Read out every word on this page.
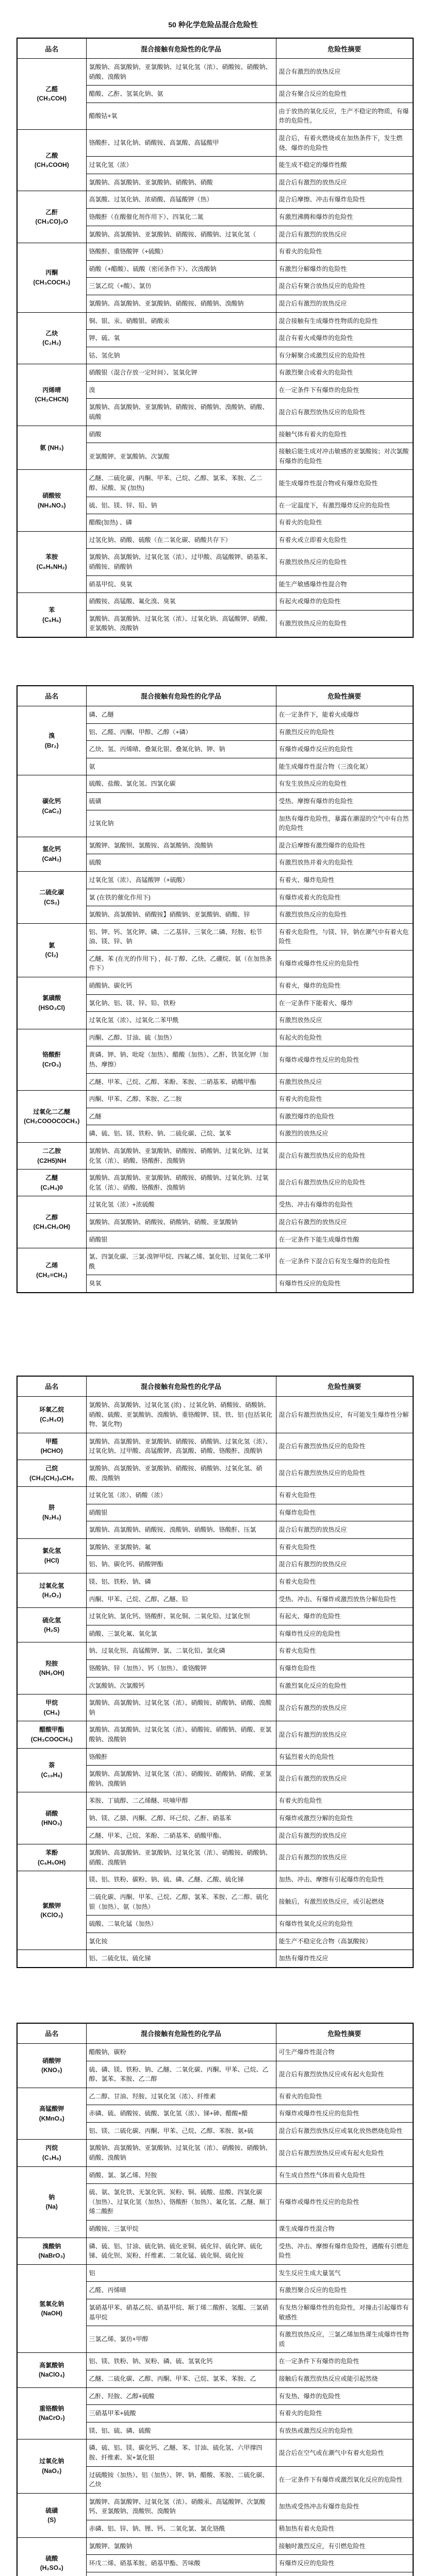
50 种化学危险品混合危险性
品名	混合接触有危险性的化学品	危险性摘要

乙醛
(CH₃COH)	氯酸钠、高氯酸钠、亚氯酸钠、过氧化氢（浓）、硝酸铵、硝酸钠、硝酸、溴酸钠	混合有激烈的放热反应
	醋酸、乙酐、氢氧化钠、氨	混合有聚合反应的危险性
	醋酸钴+氧	由于放热的氧化反应，生产不稳定的物质，有爆炸的危险性。

乙酸
(CH₃COOH)	铬酸酐、过氧化钠、硝酸铵、高氯酸、高锰酸甲	混合后，有着火燃烧或在加热条件下，发生燃烧、爆炸的危险性
	过氧化氢（浓）	能生成不稳定的爆炸性酸
	氯酸钠、高氯酸钠、亚氯酸钠、硝酸钠、硝酸	混合后有激烈的放热反应

乙酐
(CH₃CO)₂O	高氯酸、过氢化钠、浓硝酸、高锰酸钾（热）	混合后摩擦、冲击有爆炸危险性
	铬酸酐（在酸催化剂作用下）、四氧化二氮	有激烈沸腾和爆炸的危险性
	氯酸钠、高氯酸钠、亚氯酸钠、硝酸铵、硝酸钠、过氧化氢（	混合后有激烈的放热反应

丙酮
(CH₃COCH₃)	铬酸酐、重铬酸钾（+硫酸）	有着火的危险性
	硝酸（+醋酸）、硫酸（密闭条件下）、次溴酸钠	有激烈分解爆炸的危险性
	三氯乙烷（+酸）、氯仿	混合后有聚合放热反应的危险性
	氯酸钠、高氯酸钠、亚氯酸钠、硝酸铵、硝酸钠、溴酸钠	混合后有激烈的放热反应

乙炔
(C₂H₂)	铜、银、汞、硝酸银、硝酸汞	混合接触有生成爆炸性物质的危险性
	钾、硫、氧	混合有着火或爆炸的危险性
	钴、氢化钠	有分解聚合或激烈反应的危险性

丙烯晴
(CH₂CHCN)	硝酸银（混合存放一定时间）、氢氧化钾	有激烈聚合或着火的危险性
	溴	在一定条件下有爆炸的危险性
	氯酸钠、高氯酸钠、亚氯酸钠、硝酸铵、硝酸钠、溴酸钠、硝酸、硫酸	混合后有激烈放热反应的危险性

氨 (NH₃)	硝酸	接触气体有着火的危险性
	亚氯酸钾、亚氯酸钠、次氯酸	接触后能生成对冲击敏感的亚氯酸铵；对次氯酸有爆炸的危险性

硝酸铵
(NH₄NO₃)	乙醚、二硫化碳、丙酮、甲苯、己烷、乙醇、氯苯、苯胺、乙二醇、尿酸、炭 (加热)	能生成爆炸性混合物或有爆炸危险性
	硫、铝、镁、锌、铅、钠	在一定温度下，有激烈爆炸反应的危险性
	醋酸(加热) 、磷	有着火的危险性

苯胺
(C₆H₅NH₂)	过氢化钠、硝酸、硫酸（在二氧化碳、硝酸共存下）	有着火或立即着火危险性
	氯酸钠、高氯酸钠、过氧化氢（浓）、过甲酸、高锰酸钾、硝基苯、硝酸铵、硝酸钠	有激烈放热反应的危险性
	硝基甲烷、臭氧	能生产敏感爆炸性混合物

苯
(C₆H₆)	硝酸铵、高锰酸、氟化溴、臭氧	有起火或爆炸的危险性
	氯酸钠、高氯酸钠、过氧化氢（浓）、过氧化钠、高锰酸钾、硝酸、亚氯酸钠、溴酸钠	有激烈放热反应的危险性
品名	混合接触有危险性的化学品	危险性摘要

溴
(Br₂)	磷、乙醚	在一定条件下，能着火或爆炸
	铝、乙醛、丙酮、甲醇、乙醇（+磷）	有激烈反应的危险性
	乙炔、氢、丙烯晴、叠氮化银、叠氮化钠、钾、钠	有爆炸或爆炸反应的危险性
	氨	能生成爆炸性混合物（三溴化氮）

碳化钙
(CaC₂)	硫酸、盐酸、氯化氢、四氯化碳	有发生放热反应的危险性
	硫磺	受热、摩擦有爆炸的危险性
	过氧化钠	加热有爆炸危险性，暴露在潮湿的空气中有自然的危险性

氢化钙
(CaH₂)	氯酸钾、氯酸钡、氯酸铵、高氯酸钠、溴酸钠	混合后摩擦有激烈爆炸的危险性
	硫酸	有激烈放热并着火的危险性

二硫化碳
(CS₂)	过氧化氢（浓）、高锰酸钾（+硫酸）	有着火、爆炸危险性
	氯 (在铁的催化作用下)	有爆炸或着火的危险性
	氯酸钠、高氯酸钠、硝酸铵】硝酸钠、亚氯酸钠、硝酸、锌	有激烈放热反应的危险性

氯
(Cl₂)	铝、钾、钙、氢化钾、磷、二乙基锌、三氧化二磷、羟胺、松节油、镁、锌、钠	有着火危险性，与镁、锌，钠在潮气中有着火危险性
	乙醚、苯 (在光的作用下) ，叔-丁醇、乙炔、乙硼烷、氨（在加热条件下）	有爆炸或爆炸性反应的危险性

氯磺酸
(HSO₃Cl)	硝酸钠、碳化钙	有着火，爆炸的危险性
	氯化钠、铝、镁、锌、铅、铁粉	在一定条件下能着火、爆炸
	过氧化氢（浓）、过氧化二苯甲酰	有激烈放热反应

铬酸酐
(CrO₃)	丙酮、乙醇、甘油、硫（加热）	有起火的危险性
	黄磷、钾、钠、吡啶（加热）、醋酸（加热）、乙酐、铁氢化钾（加热、摩擦）	有爆炸或爆炸性反应的危险性
	乙醚、甲苯、己烷、乙醇、苯酚、苯胺、二硝基苯、硝酸甲酯	有激烈放热反应

过氧化二乙醚
(CH₂COOOCOCH₃)	丙酮、甲苯、乙醇、苯胺、乙二胺	有着火的危险性
	乙醚	有激烈爆炸的危险性
	磷、硫、铝、镁、铁粉、钠、二硫化碳、己烷、氯苯	有激烈的放热反应

二乙胺
(C2H5)NH	氯酸钠、高氯酸钠、亚氯酸钠、硝酸铵、硝酸钠、过氧化钠、过氧化氢（浓）、硝酸、铬酸酐、溴酸钠	混合后有激烈放热反应的危险性

乙醚
(C₂H₄)0	氯酸钠、高氯酸钠、亚氯酸钠、硝酸铵、硝酸钠、过氧化钠、过氧化氢（浓）、硝酸、铬酸酐、溴酸钠	混合后有激烈放热反应的危险性

乙醇
(CH₃CH₂OH)	过氧化氢（浓）+浓硫酸	受热、冲击有爆炸的危险性
	氯酸钠、高氯酸钠、硝酸铵、硝酸钠、硝酸、亚氯酸钠	混合后有激烈的放热反应
	硝酸银	在一定条件下能生成爆炸性酸

乙烯
(CH₂=CH₂)	氯、四氯化碳、三氯-溴钾甲烷、四氟乙烯、氯化铝、过氧化二苯甲酰	在一定条件下混合后有发生爆炸的危险性
	臭氧	有爆炸性反应的危险性
品名	混合接触有危险性的化学品	危险性摘要

环氧乙烷
(C₂H₄O)	氯酸钠、高氯酸钠、过氧化氢 (浓) 、过氧化钠、硝酸铵、硝酸钠、硝酸、硫酸、亚氯酸钠、溴酸钠、重铬酸钾、镁、铁、铝 (包括氧化物、氯化物)	混合后有激烈放热反应，有可能发生爆炸性分解

甲醛
(HCHO)	氯酸钠、高氯酸钠、亚氯酸钠、硝酸铵、硝酸钠、过氧化氢（浓）、过氧化钠、过甲酸、高锰酸钾、高氯酸、硝酸、铬酸酐、溴酸钠	混合后有激烈放热反应的危险性

己烷
(CH₃(CH₂)₄CH₃	氯酸钠、高氯酸钠、亚氯酸钠、硝酸铵、硝酸钠、过氧化氢、硝酸、溴酸钠	混合后有激烈放热反应的危险性

肼
(N₂H₄)	过氧化氢（浓）、硝酸（浓）	有着火危险性
	硝酸银	有爆炸危险性
	氯酸钠、高氯酸钠、硝酸铵、溴酸钠、硝酸钠、铬酸酐、压氯	混合后有激烈的放热反应

氯化氢
(HCl)	氯酸钠、亚氯酸钠、氟	有着火危险性
	铝、钠、碳化钙、硝酸钾酯	混合后有激烈的放热反应

过氧化氢
(H₂O₂)	镁、铝、铁粉、钠、磷	有着火危险性
	丙酮、甲苯、己烷、乙醇、乙醚、铅	受热、冲击、有爆炸或激烈放热分解危险性

硫化氢
(H₂S)	过氧化钠、氯化钙、铬酸酐、氧化铜、二氧化铅、过氯化钡	有起火、爆炸的危险性
	硝酸、三氯化氟、氧化氯	有爆炸性反应的危险性

羟胺
(NH₂OH)	钠、过氧化钡、高锰酸钾、氯、二氧化铅、氯化磷	有着火危险性
	铬酸钠、锌（加热）、钙（加热）、重铬酸钾	有爆炸危险性
	次氯酸钠、次氯酸钙	有激烈氧化反应的危险性

甲烷
(CH₄)	氯酸钠、高氯酸钠、过氧化氢（浓）、硝酸铵、硝酸钠、硝酸、溴酸钠	混合后有激烈的放热反应

醋酸甲酯
(CH₃COOCH₃)	氯酸钠、高氯酸钠、过氧化氢（浓）、硝酸铵、硝酸钠、硝酸、亚氯酸钠、溴酸钠	混合后有激烈的放热反应

萘
(C₁₀H₈)	铬酸酐	有猛烈着火的危险性
	氯酸钠、高氯酸钠、过氧化氢（浓）、硝酸铵、硝酸钠、硝酸、亚氯酸钠、溴酸钠	混合后有激烈的放热反应

硝酸
(HNO₃)	苯胺、丁硫醇、二乙烯醚、呋喃甲醇	有着火的危险性
	钠、镁、乙腈、丙酮、乙醇、环己烷、乙酐、硝基苯	有爆炸或激烈分解的危险性
	乙醚、甲苯、己烷、苯酚、二硝基苯、硝酸甲酯、	混合后有激烈的放热反应

苯酚
(C₆H₅OH)	氯酸钠、高氯酸钠、亚氯酸钠、过氧化氢（浓）、硝酸铵、硝酸钠、硝酸、溴酸钠	混合后有激烈的放热反应

氯酸钾
(KClO₃)	镁、铝、铁粉、碳粉、钠、硫、磷、乙醚、乙酸、硫化锑	加热、冲击、摩擦有引起爆炸的危险性
	二硫化碳、丙酮、甲苯、己烷、乙醇、氯苯、苯胺、乙二醇、硫化银（加热）、氨（加热）	接触后，有激烈放热反应，或引起燃烧
	硫酸、二氧化锰（加热）	有爆炸性氧化反应的危险性
	氯化铵	能生产不稳定化合物（高氯酸铵）

	铝、二硫化钛、硫化锑	加热有爆炸性反应
品名	混合接触有危险性的化学品	危险性摘要

硝酸钾
(KNO₃)	醋酸钠，碳粉	可生产爆炸性混合物
	硫、磷、镁、铁粉、钠、乙醚、二氧化碳、丙酮、甲苯、己烷、乙醇、氯苯、苯胺、乙二醇	混合后有激烈放热反应或有起火危险性

高锰酸钾
(KMnO₄)	乙二醇、甘油、羟胺、过氧化氢（浓）、纤维素	有着火的危险性
	赤磷、硫、硝酸铵、硫酸、氯化氢（浓）、锑+砷、醋酸+醋	有爆炸或爆炸性反应的危险性
	铝、镁、二硫化碳、丙酮、甲苯、己烷、乙醇、苯胺、氨+硫	混合后有激烈放热反应或氧化放热燃烧危险性

丙烷
(C₃H₈)	氯酸钠、高氯酸钠、亚氯酸钠、过氧化氢（浓）、硝酸铵、硝酸钠、硝酸、溴酸钠	混合后有激烈放热反应或有起火危险性

钠
(Na)	硝酸、氯、氯乙烯、羟胺	有生成自然性气体而着火危险性
	硫、氨、氯化铁、无氯化钒、炭粉、铜、硫酸、盐酸、四氯化碳（加热）、过氧化氢（加热）、铬酸酐（加热）、氟化氢、乙醚、顺丁烯二酸酐	有爆炸或爆炸性反应的危险性
	硝酸铵、三氯甲烷	课生成爆炸性混合物

溴酸钠
(NaBrO₃)	磷、硫、铝、甘油、硫化钠、硫化亚铜、硫化锌、硫化钾、硫化锑、硫化钡、炭粉、纤维素、二氧化锰、硫化铜、硫化铵	受热、冲击、摩擦有爆炸危险性，遇酸有引燃危险性

氢氧化钠
(NaOH)	铝	发生反应生成大量氢气
	乙醛、丙烯晴	有激烈聚合反应的危险性
	氯硝基甲苯、硝基乙烷、硝基甲烷、顺丁烯二酸酐、氢醌、三氯硝基甲烷	有发热分解爆炸性的危险性，对撞击引起爆炸有敏感性
	三氯乙烯、氯仿+甲醇	有激烈放热反应，三氯乙烯加热课生成爆炸性物质

高氯酸钠
(NaClO₄)	铝、镁、铁粉、钠、炭粉、磷、硫、氢氧化钙	在一定条件下有爆炸的危险性
	乙醚、二硫化碳、乙醇、丙酮、甲苯、己烷、氯苯、苯胺、乙	接触后有激烈放热反应或能引起然烧

重铬酸钠
(NaCrO₇)	乙酐、羟胺、乙醇+硫酸	有发热、爆炸的危险性
	三硝基甲苯+硫酸	有着火的危险性
	镁、铝、硫、磷、硫酸	有放热或激烈反应的危险性

过氧化钠
(NaO₂)	磷、硫、铝、镁、碳化钙、乙醚、苯、甘油、硫化氢、六甲撑四胺、纤维素、炭+氯化银	混合后在空气或在潮气中有着火危险性
	过硫酸铵（加热）、铝（加热）、钾、钠、醋酸、苯胺、二硫化碳、乙炔	在一定条件下有爆炸或激烈氧化反应的危险性

硫磺
(S)	氯酸钾、高氯酸钾、过氧化氢（浓）、硝酸汞、高锰酸钾、次氯酸钙、亚氯酸钠、溴酸钡、溴酸钠	加热或受热冲击有爆炸危险性
	赤磷、铝、锌、钠、锂、钙、二氧化氯、氯化铬酰	稍加热有着火危险性

硫酸
(H₂SO₄)	氯酸钾、氯酸钠	接触时激烈反应，有引燃危险性
	环戊二烯、硝基苯胺、硝基甲酯、苦味酸	有爆炸反应的危险性
